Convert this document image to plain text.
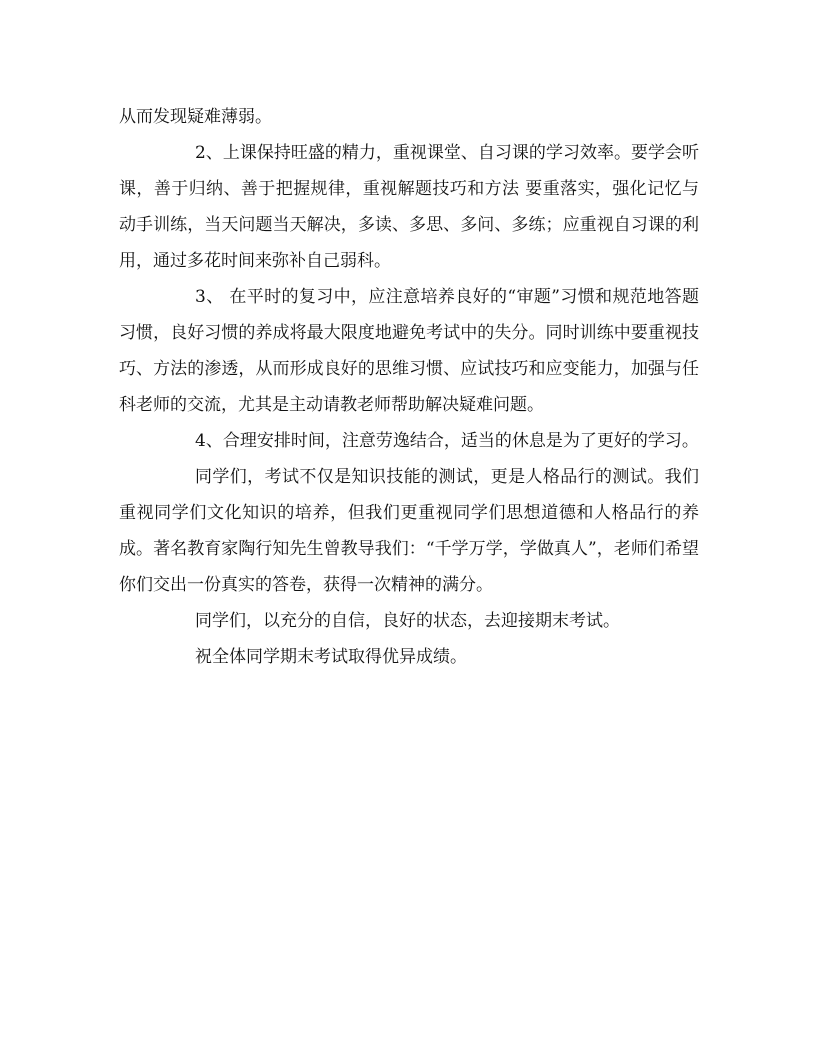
从而发现疑难薄弱。

2、上课保持旺盛的精力，重视课堂、自习课的学习效率。要学会听课，善于归纳、善于把握规律，重视解题技巧和方法 要重落实，强化记忆与动手训练，当天问题当天解决，多读、多思、多问、多练；应重视自习课的利用，通过多花时间来弥补自己弱科。

3、 在平时的复习中，应注意培养良好的“审题”习惯和规范地答题习惯，良好习惯的养成将最大限度地避免考试中的失分。同时训练中要重视技巧、方法的渗透，从而形成良好的思维习惯、应试技巧和应变能力，加强与任科老师的交流，尤其是主动请教老师帮助解决疑难问题。

4、合理安排时间，注意劳逸结合，适当的休息是为了更好的学习。

同学们，考试不仅是知识技能的测试，更是人格品行的测试。我们重视同学们文化知识的培养，但我们更重视同学们思想道德和人格品行的养成。著名教育家陶行知先生曾教导我们：“千学万学，学做真人”，老师们希望你们交出一份真实的答卷，获得一次精神的满分。

同学们，以充分的自信，良好的状态，去迎接期末考试。

祝全体同学期末考试取得优异成绩。
